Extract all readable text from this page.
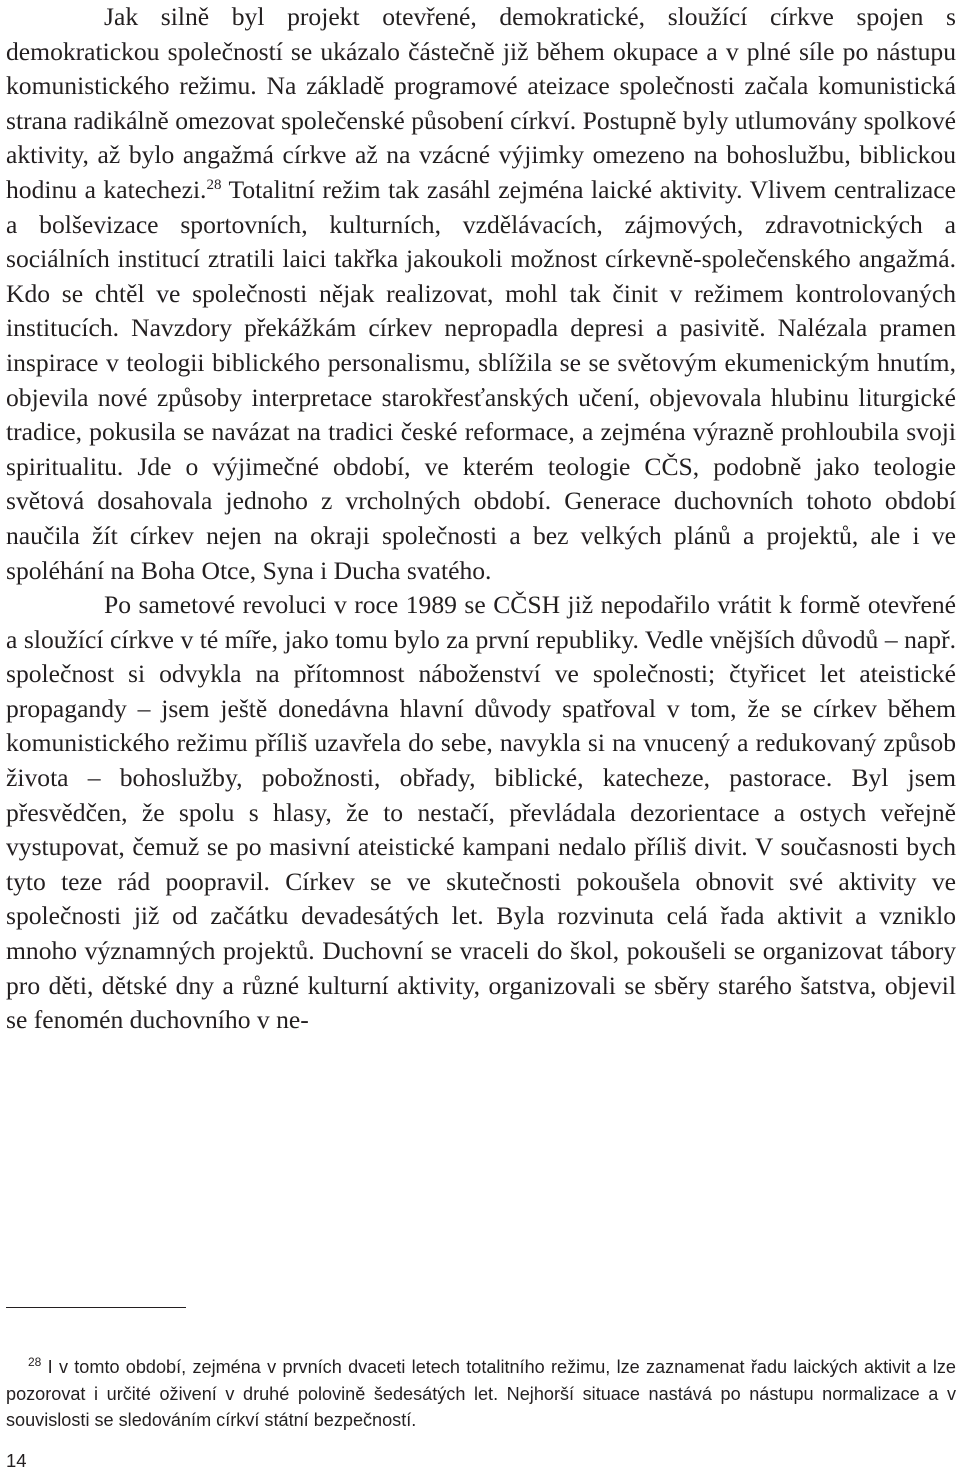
Jak silně byl projekt otevřené, demokratické, sloužící církve spojen s demokratickou společností se ukázalo částečně již během okupace a v plné síle po nástupu komunistického režimu. Na základě programové ateizace společnosti začala komunistická strana radikálně omezovat společenské působení církví. Postupně byly utlumovány spolkové aktivity, až bylo angažmá církve až na vzácné výjimky omezeno na bohoslužbu, biblickou hodinu a katechezi.$^{28}$ Totalitní režim tak zasáhl zejména laické aktivity. Vlivem centralizace a bolševizace sportovních, kulturních, vzdělávacích, zájmových, zdravotnických a sociálních institucí ztratili laici takřka jakoukoli možnost církevně-společenského angažmá. Kdo se chtěl ve společnosti nějak realizovat, mohl tak činit v režimem kontrolovaných institucích. Navzdory překážkám církev nepropadla depresi a pasivitě. Nalézala pramen inspirace v teologii biblického personalismu, sblížila se se světovým ekumenickým hnutím, objevila nové způsoby interpretace starokřesťanských učení, objevovala hlubinu liturgické tradice, pokusila se navázat na tradici české reformace, a zejména výrazně prohloubila svoji spiritualitu. Jde o výjimečné období, ve kterém teologie CČS, podobně jako teologie světová dosahovala jednoho z vrcholných období. Generace duchovních tohoto období naučila žít církev nejen na okraji společnosti a bez velkých plánů a projektů, ale i ve spoléhání na Boha Otce, Syna i Ducha svatého.

Po sametové revoluci v roce 1989 se CČSH již nepodařilo vrátit k formě otevřené a sloužící církve v té míře, jako tomu bylo za první republiky. Vedle vnějších důvodů – např. společnost si odvykla na přítomnost náboženství ve společnosti; čtyřicet let ateistické propagandy – jsem ještě donedávna hlavní důvody spatřoval v tom, že se církev během komunistického režimu příliš uzavřela do sebe, navykla si na vnucený a redukovaný způsob života – bohoslužby, pobožnosti, obřady, biblické, katecheze, pastorace. Byl jsem přesvědčen, že spolu s hlasy, že to nestačí, převládala dezorientace a ostych veřejně vystupovat, čemuž se po masivní ateistické kampani nedalo příliš divit. V současnosti bych tyto teze rád poopravil. Církev se ve skutečnosti pokoušela obnovit své aktivity ve společnosti již od začátku devadesátých let. Byla rozvinuta celá řada aktivit a vzniklo mnoho významných projektů. Duchovní se vraceli do škol, pokoušeli se organizovat tábory pro děti, dětské dny a různé kulturní aktivity, organizovali se sběry starého šatstva, objevil se fenomén duchovního v ne-

$^{28}$ I v tomto období, zejména v prvních dvaceti letech totalitního režimu, lze zaznamenat řadu laických aktivit a lze pozorovat i určité oživení v druhé polovině šedesátých let. Nejhorší situace nastává po nástupu normalizace a v souvislosti se sledováním církví státní bezpečností.

14
